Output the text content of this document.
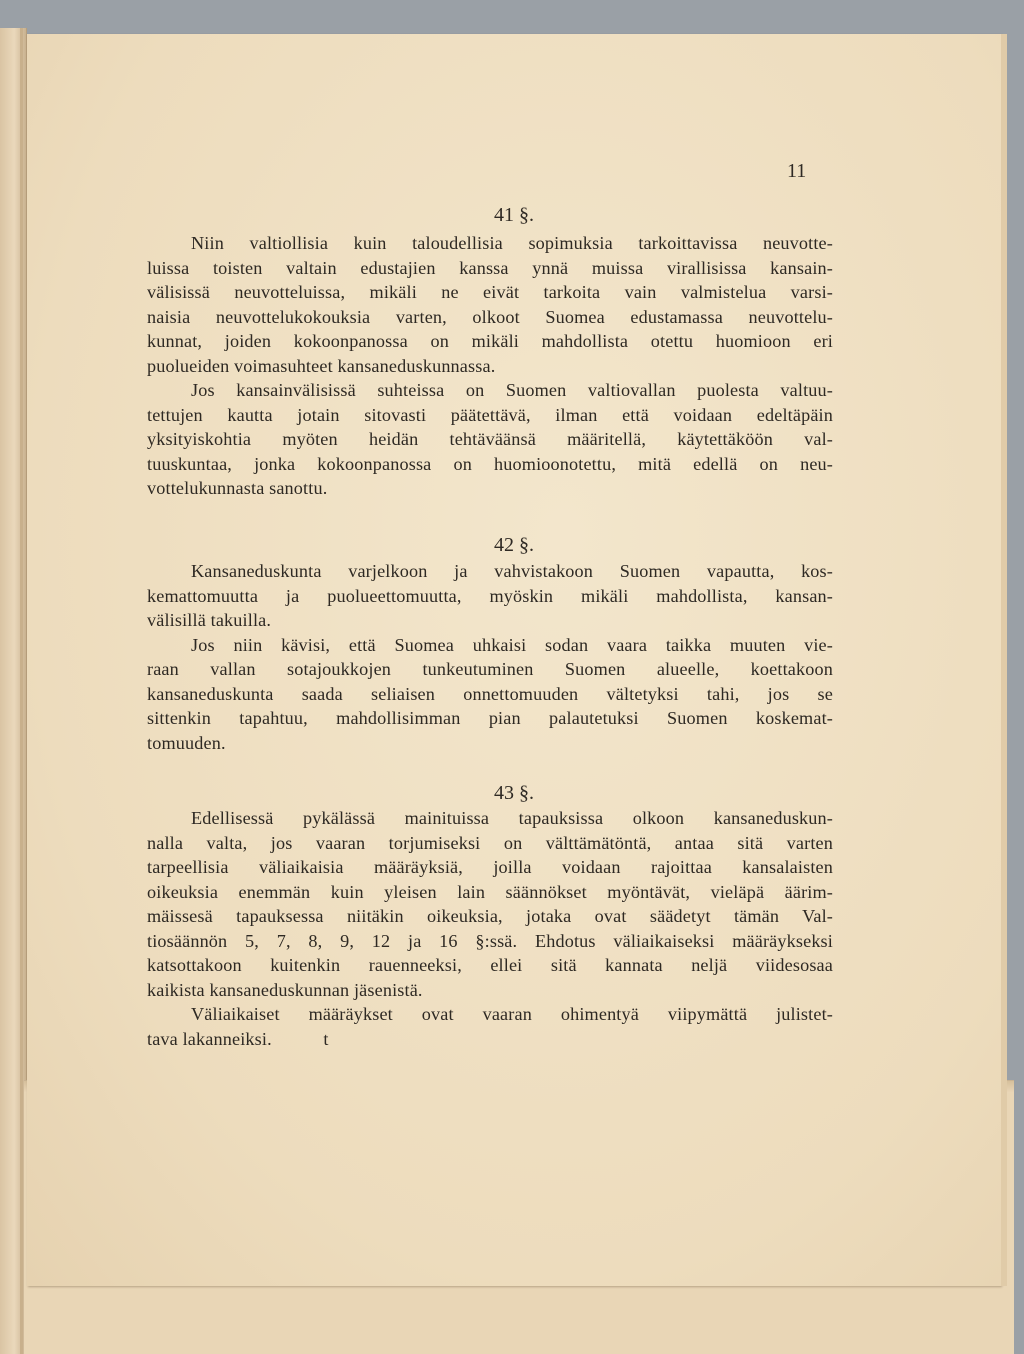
11
41 §.
Niin valtiollisia kuin taloudellisia sopimuksia tarkoittavissa neuvotte-
luissa toisten valtain edustajien kanssa ynnä muissa virallisissa kansain-
välisissä neuvotteluissa, mikäli ne eivät tarkoita vain valmistelua varsi-
naisia neuvottelukokouksia varten, olkoot Suomea edustamassa neuvottelu-
kunnat, joiden kokoonpanossa on mikäli mahdollista otettu huomioon eri
puolueiden voimasuhteet kansaneduskunnassa.
Jos kansainvälisissä suhteissa on Suomen valtiovallan puolesta valtuu-
tettujen kautta jotain sitovasti päätettävä, ilman että voidaan edeltäpäin
yksityiskohtia myöten heidän tehtäväänsä määritellä, käytettäköön val-
tuuskuntaa, jonka kokoonpanossa on huomioonotettu, mitä edellä on neu-
vottelukunnasta sanottu.
42 §.
Kansaneduskunta varjelkoon ja vahvistakoon Suomen vapautta, kos-
kemattomuutta ja puolueettomuutta, myöskin mikäli mahdollista, kansan-
välisillä takuilla.
Jos niin kävisi, että Suomea uhkaisi sodan vaara taikka muuten vie-
raan vallan sotajoukkojen tunkeutuminen Suomen alueelle, koettakoon
kansaneduskunta saada seliaisen onnettomuuden vältetyksi tahi, jos se
sittenkin tapahtuu, mahdollisimman pian palautetuksi Suomen koskemat-
tomuuden.
43 §.
Edellisessä pykälässä mainituissa tapauksissa olkoon kansaneduskun-
nalla valta, jos vaaran torjumiseksi on välttämätöntä, antaa sitä varten
tarpeellisia väliaikaisia määräyksiä, joilla voidaan rajoittaa kansalaisten
oikeuksia enemmän kuin yleisen lain säännökset myöntävät, vieläpä äärim-
mäissesä tapauksessa niitäkin oikeuksia, jotaka ovat säädetyt tämän Val-
tiosäännön 5, 7, 8, 9, 12 ja 16 §:ssä. Ehdotus väliaikaiseksi määräykseksi
katsottakoon kuitenkin rauenneeksi, ellei sitä kannata neljä viidesosaa
kaikista kansaneduskunnan jäsenistä.
Väliaikaiset määräykset ovat vaaran ohimentyä viipymättä julistet-
tava lakanneiksi.           t
